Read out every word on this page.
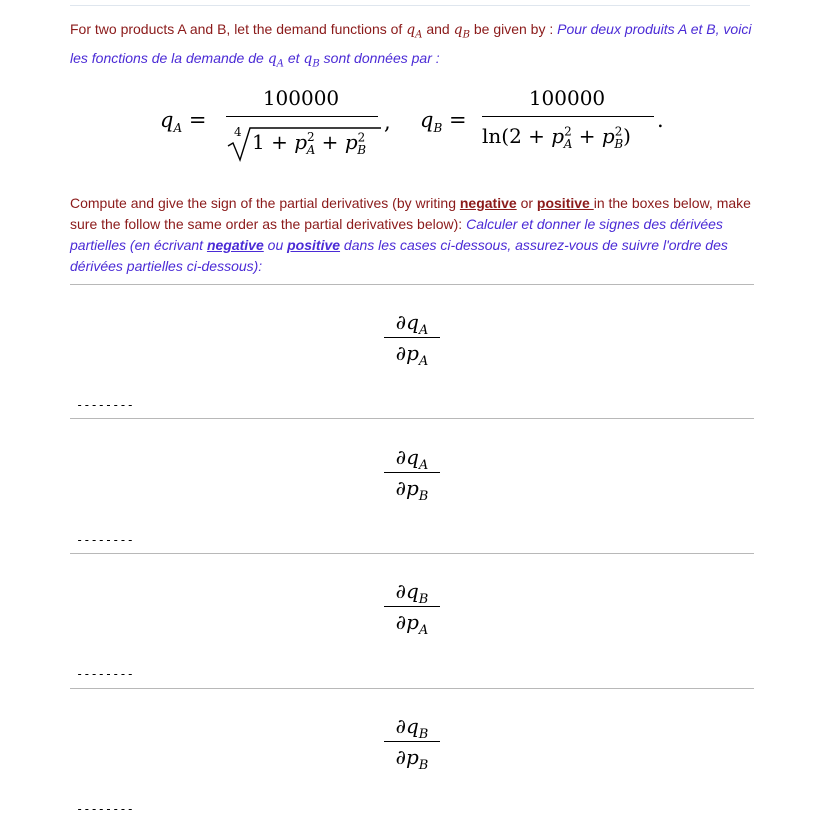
For two products A and B, let the demand functions of $q_A$ and $q_B$ be given by : Pour deux produits A et B, voici les fonctions de la demande de $q_A$ et $q_B$ sont données par :
$q_A$ =
100000
4 $1 + p^2_A + p^2_B$
, $q_B$ =
100000
$\ln(2 + p^2_A + p^2_B)$
.
Compute and give the sign of the partial derivatives (by writing negative or positive in the boxes below, make sure the follow the same order as the partial derivatives below): Calculer et donner le signes des dérivées partielles (en écrivant negative ou positive dans les cases ci-dessous, assurez-vous de suivre l'ordre des dérivées partielles ci-dessous):
$\partial q_A$
$\partial p_A$
--------
$\partial q_A$
$\partial p_B$
--------
$\partial q_B$
$\partial p_A$
--------
$\partial q_B$
$\partial p_B$
--------
